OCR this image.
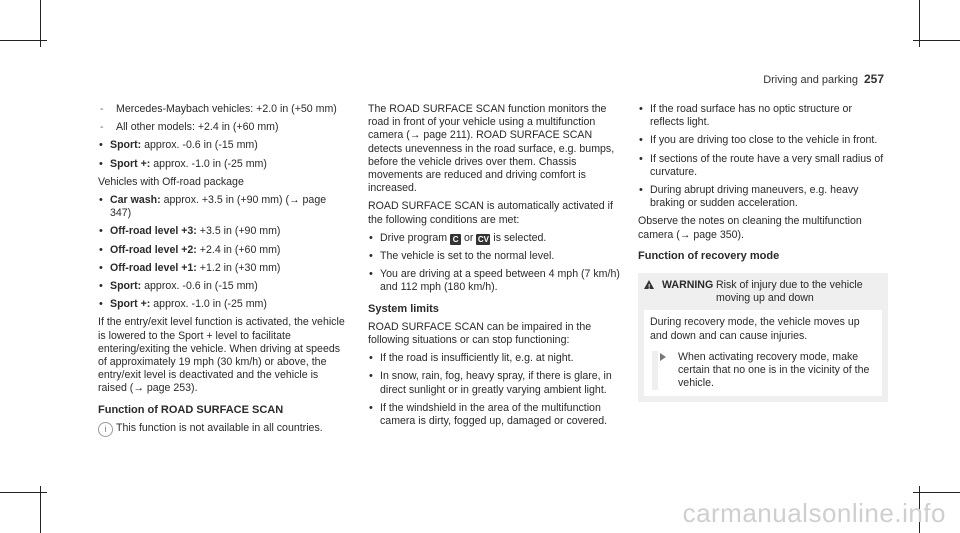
Driving and parking 257
- Mercedes-Maybach vehicles: +2.0 in (+50 mm)
- All other models: +2.4 in (+60 mm)
• Sport: approx. -0.6 in (-15 mm)
• Sport +: approx. -1.0 in (-25 mm)
Vehicles with Off-road package
• Car wash: approx. +3.5 in (+90 mm) (→ page 347)
• Off-road level +3: +3.5 in (+90 mm)
• Off-road level +2: +2.4 in (+60 mm)
• Off-road level +1: +1.2 in (+30 mm)
• Sport: approx. -0.6 in (-15 mm)
• Sport +: approx. -1.0 in (-25 mm)
If the entry/exit level function is activated, the vehicle is lowered to the Sport + level to facilitate entering/exiting the vehicle. When driving at speeds of approximately 19 mph (30 km/h) or above, the entry/exit level is deactivated and the vehicle is raised (→ page 253).
Function of ROAD SURFACE SCAN
i This function is not available in all countries.
The ROAD SURFACE SCAN function monitors the road in front of your vehicle using a multifunction camera (→ page 211). ROAD SURFACE SCAN detects unevenness in the road surface, e.g. bumps, before the vehicle drives over them. Chassis movements are reduced and driving comfort is increased.
ROAD SURFACE SCAN is automatically activated if the following conditions are met:
• Drive program C or CV is selected.
• The vehicle is set to the normal level.
• You are driving at a speed between 4 mph (7 km/h) and 112 mph (180 km/h).
System limits
ROAD SURFACE SCAN can be impaired in the following situations or can stop functioning:
• If the road is insufficiently lit, e.g. at night.
• In snow, rain, fog, heavy spray, if there is glare, in direct sunlight or in greatly varying ambient light.
• If the windshield in the area of the multifunction camera is dirty, fogged up, damaged or covered.
• If the road surface has no optic structure or reflects light.
• If you are driving too close to the vehicle in front.
• If sections of the route have a very small radius of curvature.
• During abrupt driving maneuvers, e.g. heavy braking or sudden acceleration.
Observe the notes on cleaning the multifunction camera (→ page 350).
Function of recovery mode
! WARNING Risk of injury due to the vehicle moving up and down
During recovery mode, the vehicle moves up and down and can cause injuries.
When activating recovery mode, make certain that no one is in the vicinity of the vehicle.
carmanualsonline.info
